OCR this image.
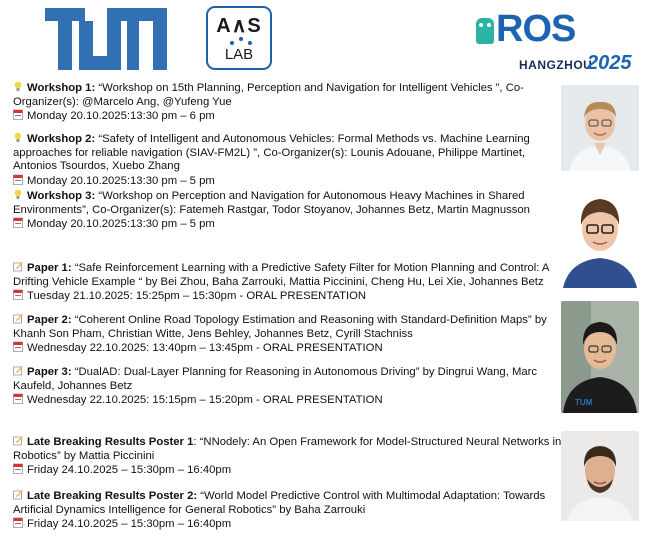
A∧S
LAB
ROS
HANGZHOU
2025
Workshop 1: “Workshop on 15th Planning, Perception and Navigation for Intelligent Vehicles ”, Co-
Organizer(s): @Marcelo Ang, @Yufeng Yue
Monday 20.10.2025:13:30 pm – 6 pm
Workshop 2: “Safety of Intelligent and Autonomous Vehicles: Formal Methods vs. Machine Learning
approaches for reliable navigation (SIAV-FM2L) ”, Co-Organizer(s): Lounis Adouane, Philippe Martinet,
Antonios Tsourdos, Xuebo Zhang
Monday 20.10.2025:13:30 pm – 5 pm
Workshop 3: “Workshop on Perception and Navigation for Autonomous Heavy Machines in Shared
Environments”, Co-Organizer(s): Fatemeh Rastgar, Todor Stoyanov, Johannes Betz, Martin Magnusson
Monday 20.10.2025:13:30 pm – 5 pm
Paper 1: “Safe Reinforcement Learning with a Predictive Safety Filter for Motion Planning and Control: A
Drifting Vehicle Example “ by Bei Zhou, Baha Zarrouki, Mattia Piccinini, Cheng Hu, Lei Xie, Johannes Betz
Tuesday 21.10.2025: 15:25pm – 15:30pm - ORAL PRESENTATION
Paper 2: “Coherent Online Road Topology Estimation and Reasoning with Standard-Definition Maps” by
Khanh Son Pham, Christian Witte, Jens Behley, Johannes Betz, Cyrill Stachniss
Wednesday 22.10.2025: 13:40pm – 13:45pm - ORAL PRESENTATION
Paper 3: “DualAD: Dual-Layer Planning for Reasoning in Autonomous Driving” by Dingrui Wang, Marc
Kaufeld, Johannes Betz
Wednesday 22.10.2025: 15:15pm – 15:20pm - ORAL PRESENTATION
Late Breaking Results Poster 1: “NNodely: An Open Framework for Model-Structured Neural Networks in
Robotics” by Mattia Piccinini
Friday 24.10.2025 – 15:30pm – 16:40pm
Late Breaking Results Poster 2: “World Model Predictive Control with Multimodal Adaptation: Towards
Artificial Dynamics Intelligence for General Robotics” by Baha Zarrouki
Friday 24.10.2025 – 15:30pm – 16:40pm
TUM
